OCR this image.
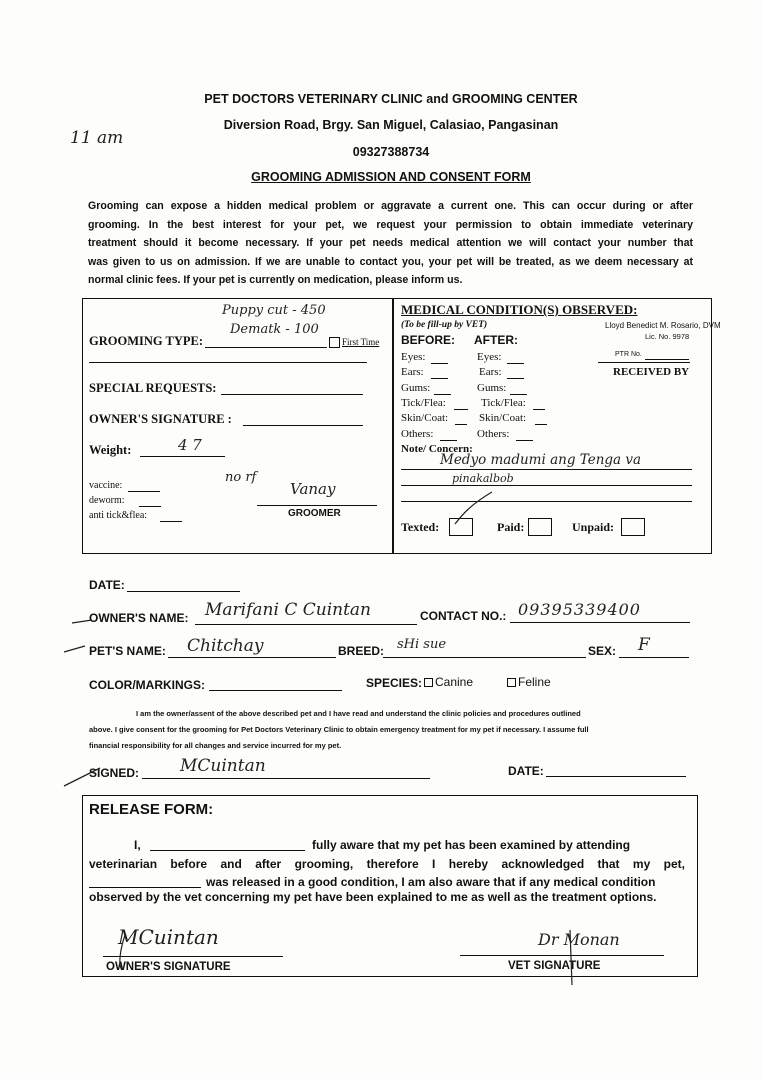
PET DOCTORS VETERINARY CLINIC and GROOMING CENTER
Diversion Road, Brgy. San Miguel, Calasiao, Pangasinan
09327388734
GROOMING ADMISSION AND CONSENT FORM
11 am
Grooming can expose a hidden medical problem or aggravate a current one. This can occur during or after
grooming. In the best interest for your pet, we request your permission to obtain immediate veterinary
treatment should it become necessary. If your pet needs medical attention we will contact your number that
was given to us on admission. If we are unable to contact you, your pet will be treated, as we deem necessary at
normal clinic fees. If your pet is currently on medication, please inform us.
Puppy cut - 450
Dematk - 100
GROOMING TYPE:	First Time
SPECIAL REQUESTS:
OWNER'S SIGNATURE :
Weight:	4 7
vaccine:
deworm:
anti tick&flea:
no rf
Vanay
GROOMER
MEDICAL CONDITION(S) OBSERVED:
(To be fill-up by VET)
BEFORE: AFTER:
Lloyd Benedict M. Rosario, DVM
Lic. No. 9978
PTR No.
RECEIVED BY
Eyes:	Eyes:
Ears:	Ears:
Gums:	Gums:
Tick/Flea:	Tick/Flea:
Skin/Coat:	Skin/Coat:
Others:	Others:
Note/ Concern:
Medyo madumi ang Tenga va
pinakalbob
Texted:	Paid:	Unpaid:
DATE:
OWNER'S NAME: Marifani C Cuintan	CONTACT NO.: 09395339400
PET'S NAME: Chitchay	BREED: sHi sue	SEX: F
COLOR/MARKINGS:	SPECIES:	Canine	Feline
I am the owner/assent of the above described pet and I have read and understand the clinic policies and procedures outlined
above. I give consent for the grooming for Pet Doctors Veterinary Clinic to obtain emergency treatment for my pet if necessary. I assume full
financial responsibility for all changes and service incurred for my pet.
SIGNED: MCuintan	DATE:
RELEASE FORM:
I,	fully aware that my pet has been examined by attending
veterinarian before and after grooming, therefore I hereby acknowledged that my pet,
was released in a good condition, I am also aware that if any medical condition
observed by the vet concerning my pet have been explained to me as well as the treatment options.
MCuintan
OWNER'S SIGNATURE
Dr Monan
VET SIGNATURE
